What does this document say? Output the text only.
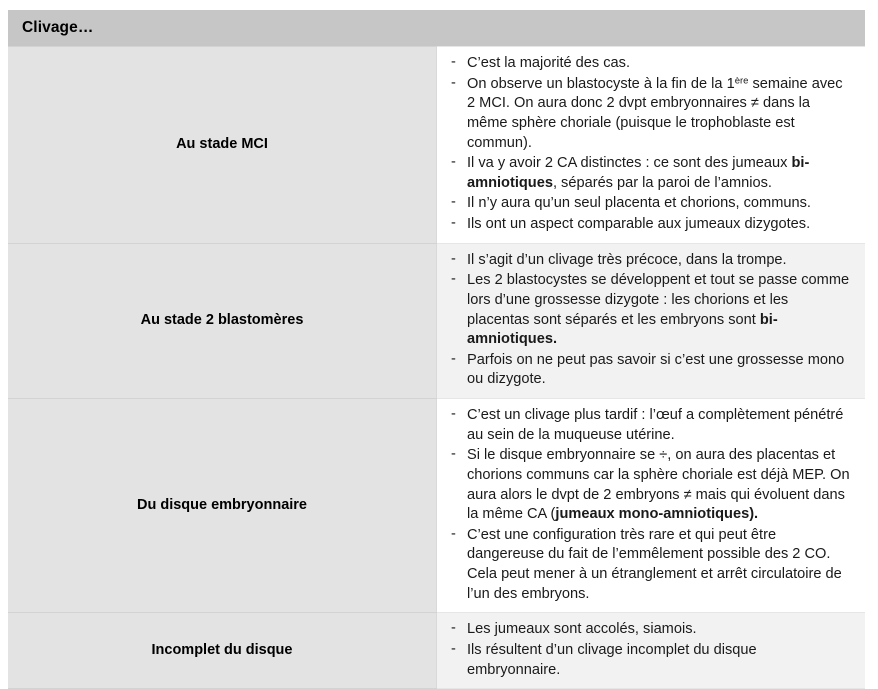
Clivage…	
Au stade MCI	
- C’est la majorité des cas.
- On observe un blastocyste à la fin de la 1ère semaine avec 2 MCI. On aura donc 2 dvpt embryonnaires ≠ dans la même sphère choriale (puisque le trophoblaste est commun).
- Il va y avoir 2 CA distinctes : ce sont des jumeaux bi-amniotiques, séparés par la paroi de l’amnios.
- Il n’y aura qu’un seul placenta et chorions, communs.
- Ils ont un aspect comparable aux jumeaux dizygotes.

Au stade 2 blastomères	
- Il s’agit d’un clivage très précoce, dans la trompe.
- Les 2 blastocystes se développent et tout se passe comme lors d’une grossesse dizygote : les chorions et les placentas sont séparés et les embryons sont bi-amniotiques.
- Parfois on ne peut pas savoir si c’est une grossesse mono ou dizygote.

Du disque embryonnaire	
- C’est un clivage plus tardif : l’œuf a complètement pénétré au sein de la muqueuse utérine.
- Si le disque embryonnaire se ÷, on aura des placentas et chorions communs car la sphère choriale est déjà MEP. On aura alors le dvpt de 2 embryons ≠ mais qui évoluent dans la même CA (jumeaux mono-amniotiques).
- C’est une configuration très rare et qui peut être dangereuse du fait de l’emmêlement possible des 2 CO. Cela peut mener à un étranglement et arrêt circulatoire de l’un des embryons.

Incomplet du disque	
- Les jumeaux sont accolés, siamois.
- Ils résultent d’un clivage incomplet du disque embryonnaire.
